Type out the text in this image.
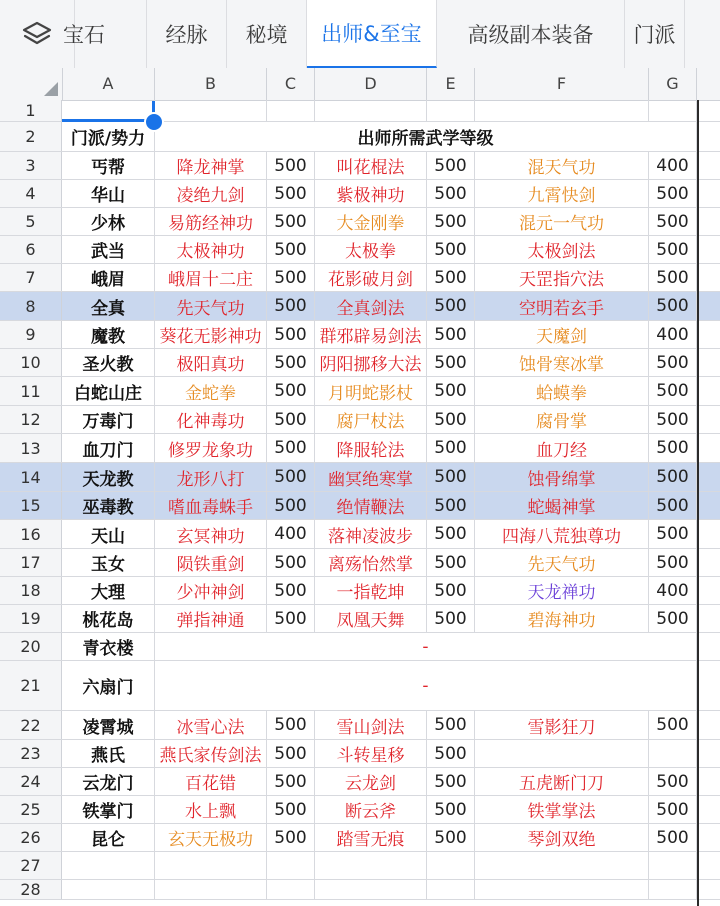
宝石	经脉	秘境	出师&至宝	高级副本装备	门派
A	B	C	D	E	F	G
1
2	门派/势力	出师所需武学等级
3	丐帮	降龙神掌	500	叫花棍法	500	混天气功	400
4	华山	凌绝九剑	500	紫极神功	500	九霄快剑	500
5	少林	易筋经神功	500	大金刚拳	500	混元一气功	500
6	武当	太极神功	500	太极拳	500	太极剑法	500
7	峨眉	峨眉十二庄	500	花影破月剑	500	天罡指穴法	500
8	全真	先天气功	500	全真剑法	500	空明若玄手	500
9	魔教	葵花无影神功 500 群邪辟易剑法 500	天魔剑	400
10	圣火教	极阳真功	500 阴阳挪移大法 500	蚀骨寒冰掌	500
11	白蛇山庄	金蛇拳	500	月明蛇影杖	500	蛤蟆拳	500
12	万毒门	化神毒功	500	腐尸杖法	500	腐骨掌	500
13	血刀门	修罗龙象功	500	降服轮法	500	血刀经	500
14	天龙教	龙形八打	500	幽冥绝寒掌	500	蚀骨绵掌	500
15	巫毒教	嗜血毒蛛手	500	绝情鞭法	500	蛇蝎神掌	500
16	天山	玄冥神功	400	落神凌波步	500	四海八荒独尊功	500
17	玉女	陨铁重剑	500	离殇怡然掌	500	先天气功	500
18	大理	少冲神剑	500	一指乾坤	500	天龙禅功	400
19	桃花岛	弹指神通	500	凤凰天舞	500	碧海神功	500
20	青衣楼	-
21	六扇门	-
22	凌霄城	冰雪心法	500	雪山剑法	500	雪影狂刀	500
23	燕氏	燕氏家传剑法 500	斗转星移	500
24	云龙门	百花错	500	云龙剑	500	五虎断门刀	500
25	铁掌门	水上飘	500	断云斧	500	铁掌掌法	500
26	昆仑	玄天无极功	500	踏雪无痕	500	琴剑双绝	500
27
28
